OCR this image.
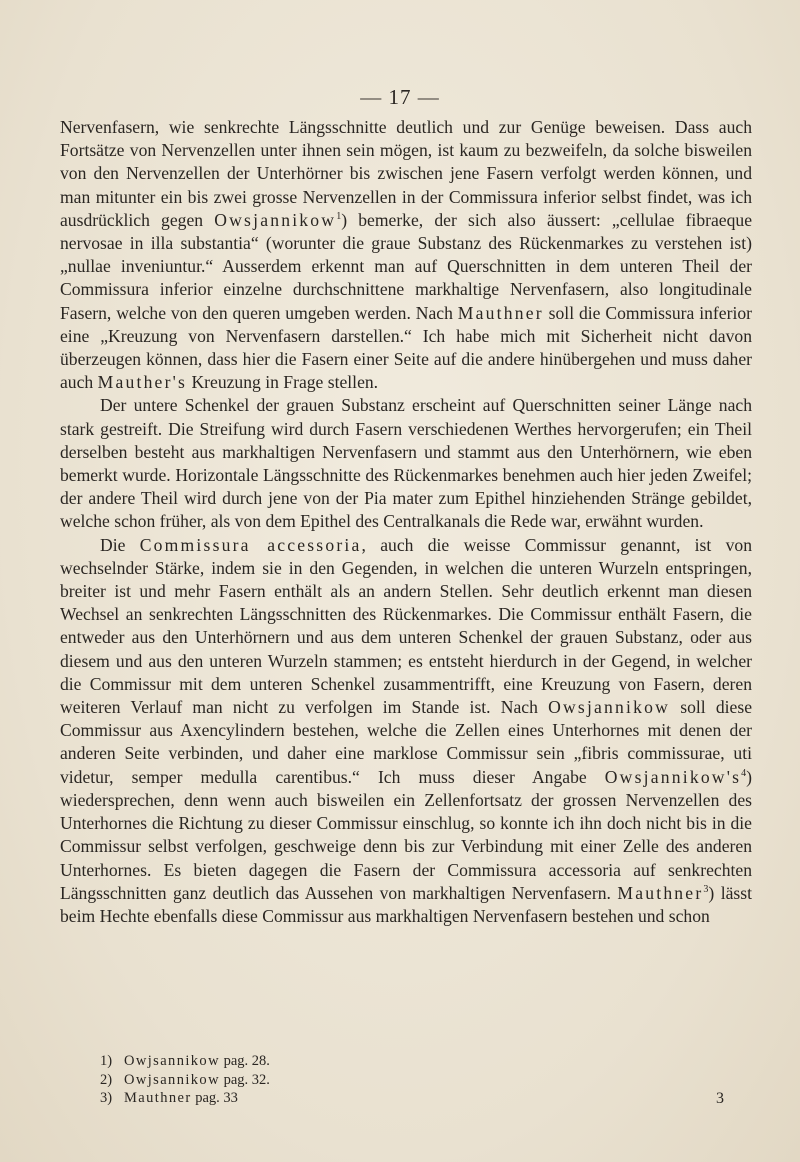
— 17 —

Nervenfasern, wie senkrechte Längsschnitte deutlich und zur Genüge beweisen. Dass auch Fortsätze von Nervenzellen unter ihnen sein mögen, ist kaum zu bezweifeln, da solche bisweilen von den Nervenzellen der Unterhörner bis zwischen jene Fasern verfolgt werden können, und man mitunter ein bis zwei grosse Nervenzellen in der Commissura inferior selbst findet, was ich ausdrücklich gegen Owsjannikow$^1$) bemerke, der sich also äussert: „cellulae fibraeque nervosae in illa substantia“ (worunter die graue Substanz des Rückenmarkes zu verstehen ist) „nullae inveniuntur.“ Ausserdem erkennt man auf Querschnitten in dem unteren Theil der Commissura inferior einzelne durchschnittene markhaltige Nervenfasern, also longitudinale Fasern, welche von den queren umgeben werden. Nach Mauthner soll die Commissura inferior eine „Kreuzung von Nervenfasern darstellen.“ Ich habe mich mit Sicherheit nicht davon überzeugen können, dass hier die Fasern einer Seite auf die andere hinübergehen und muss daher auch Mauther's Kreuzung in Frage stellen.

Der untere Schenkel der grauen Substanz erscheint auf Querschnitten seiner Länge nach stark gestreift. Die Streifung wird durch Fasern verschiedenen Werthes hervorgerufen; ein Theil derselben besteht aus markhaltigen Nervenfasern und stammt aus den Unterhörnern, wie eben bemerkt wurde. Horizontale Längsschnitte des Rückenmarkes benehmen auch hier jeden Zweifel; der andere Theil wird durch jene von der Pia mater zum Epithel hinziehenden Stränge gebildet, welche schon früher, als von dem Epithel des Centralkanals die Rede war, erwähnt wurden.

Die Commissura accessoria, auch die weisse Commissur genannt, ist von wechselnder Stärke, indem sie in den Gegenden, in welchen die unteren Wurzeln entspringen, breiter ist und mehr Fasern enthält als an andern Stellen. Sehr deutlich erkennt man diesen Wechsel an senkrechten Längsschnitten des Rückenmarkes. Die Commissur enthält Fasern, die entweder aus den Unterhörnern und aus dem unteren Schenkel der grauen Substanz, oder aus diesem und aus den unteren Wurzeln stammen; es entsteht hierdurch in der Gegend, in welcher die Commissur mit dem unteren Schenkel zusammentrifft, eine Kreuzung von Fasern, deren weiteren Verlauf man nicht zu verfolgen im Stande ist. Nach Owsjannikow soll diese Commissur aus Axencylindern bestehen, welche die Zellen eines Unterhornes mit denen der anderen Seite verbinden, und daher eine marklose Commissur sein „fibris commissurae, uti videtur, semper medulla carentibus.“ Ich muss dieser Angabe Owsjannikow's$^4$) wiedersprechen, denn wenn auch bisweilen ein Zellenfortsatz der grossen Nervenzellen des Unterhornes die Richtung zu dieser Commissur einschlug, so konnte ich ihn doch nicht bis in die Commissur selbst verfolgen, geschweige denn bis zur Verbindung mit einer Zelle des anderen Unterhornes. Es bieten dagegen die Fasern der Commissura accessoria auf senkrechten Längsschnitten ganz deutlich das Aussehen von markhaltigen Nervenfasern. Mauthner$^3$) lässt beim Hechte ebenfalls diese Commissur aus markhaltigen Nervenfasern bestehen und schon

1) Owjsannikow pag. 28.
2) Owjsannikow pag. 32.
3) Mauthner pag. 33	3
